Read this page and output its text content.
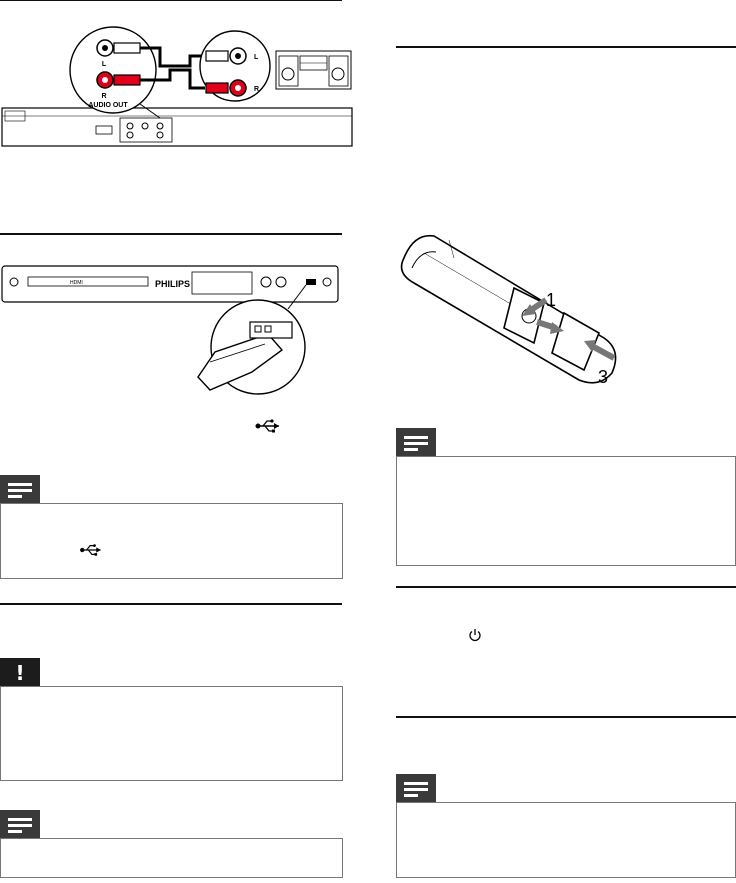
L
R
AUDIO OUT
L
R
HDMI	PHILIPS
!
1
3
